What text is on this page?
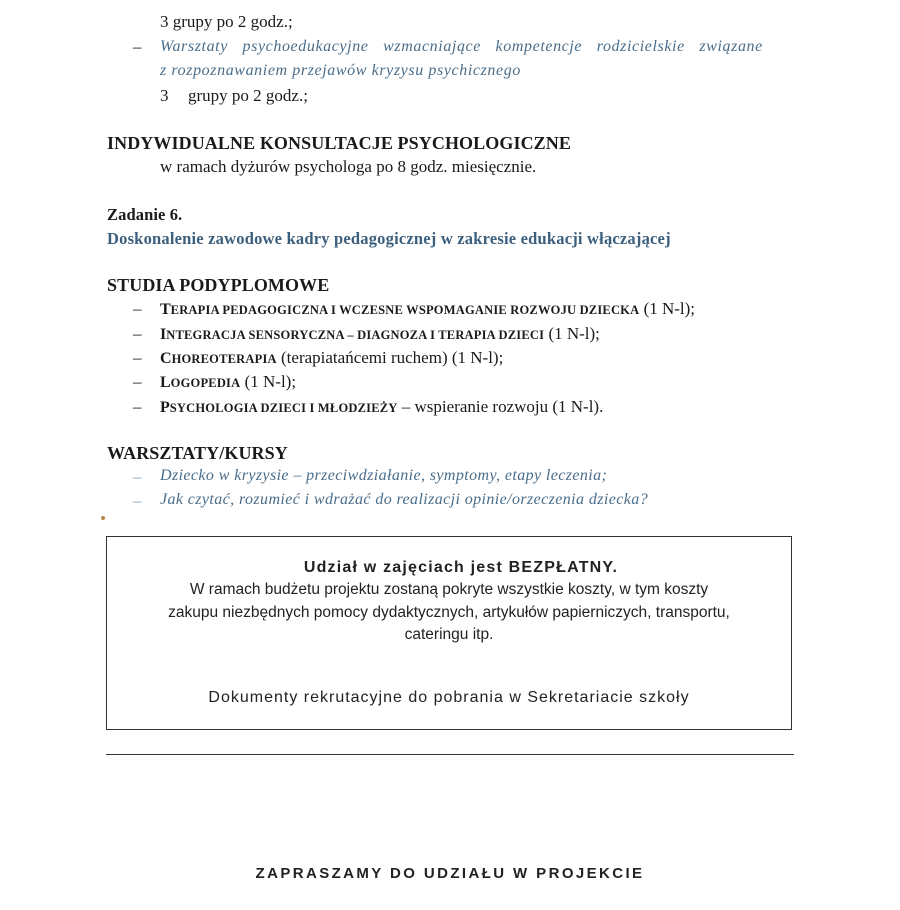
3 grupy po 2 godz.;
– Warsztaty psychoedukacyjne wzmacniające kompetencje rodzicielskie związane
z rozpoznawaniem przejawów kryzysu psychicznego
3 grupy po 2 godz.;
INDYWIDUALNE KONSULTACJE PSYCHOLOGICZNE
w ramach dyżurów psychologa po 8 godz. miesięcznie.
Zadanie 6.
Doskonalenie zawodowe kadry pedagogicznej w zakresie edukacji włączającej
STUDIA PODYPLOMOWE
– TERAPIA PEDAGOGICZNA I WCZESNE WSPOMAGANIE ROZWOJU DZIECKA (1 N-l);
– INTEGRACJA SENSORYCZNA – DIAGNOZA I TERAPIA DZIECI (1 N-l);
– CHOREOTERAPIA (terapiatańcemi ruchem) (1 N-l);
– LOGOPEDIA (1 N-l);
– PSYCHOLOGIA DZIECI I MŁODZIEŻY – wspieranie rozwoju (1 N-l).
WARSZTATY/KURSY
– Dziecko w kryzysie – przeciwdziałanie, symptomy, etapy leczenia;
– Jak czytać, rozumieć i wdrażać do realizacji opinie/orzeczenia dziecka?
Udział w zajęciach jest BEZPŁATNY.
W ramach budżetu projektu zostaną pokryte wszystkie koszty, w tym koszty
zakupu niezbędnych pomocy dydaktycznych, artykułów papierniczych, transportu,
cateringu itp.
Dokumenty rekrutacyjne do pobrania w Sekretariacie szkoły
ZAPRASZAMY DO UDZIAŁU W PROJEKCIE
